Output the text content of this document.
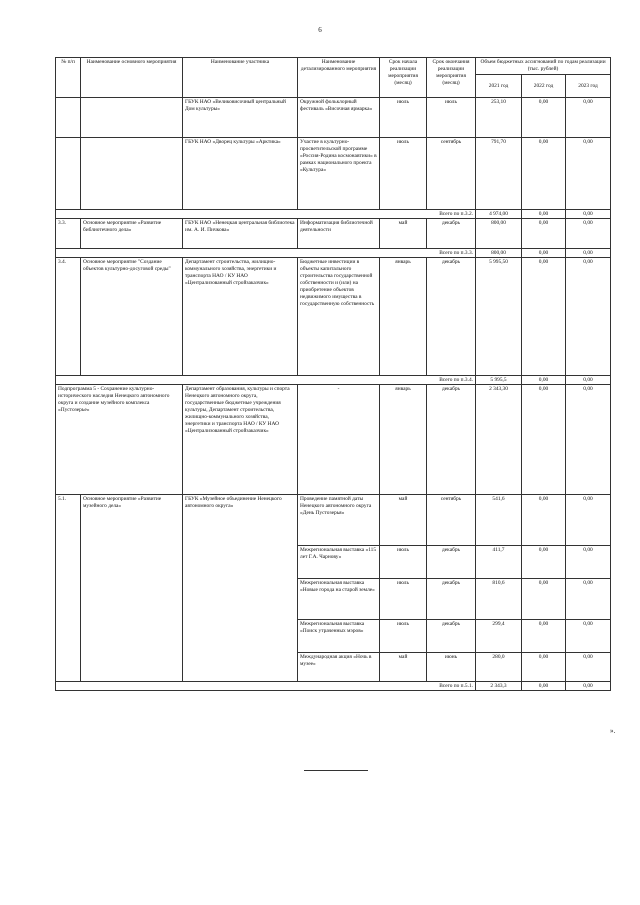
6
№ п/п	Наименование основного мероприятия	Наименование участника	Наименование детализированного мероприятия	Срок начала реализации мероприятия (месяц)	Срок окончания реализации мероприятия (месяц)	Объем бюджетных ассигнований по годам реализации (тыс. рублей)		
						2021 год	2022 год	2023 год
		ГБУК НАО «Великовисочный центральный Дом культуры»	Окружной фольклорный фестиваль «Височная ярмарка»	июль	июль	253,10	0,00	0,00
		ГБУК НАО «Дворец культуры «Арктика»	Участие в культурно-просветительской программе «Россия-Родина космонавтики» в рамках национального проекта «Культура»	июль	сентябрь	791,70	0,00	0,00
Всего по п.3.2.						4 974,00	0,00	0,00
3.3.	Основное мероприятие «Развитие библиотечного дела»	ГБУК НАО «Ненецкая центральная библиотека им. А. И. Пичкова»	Информатизация библиотечной деятельности	май	декабрь	800,00	0,00	0,00
Всего по п.3.3.						800,00	0,00	0,00
3.4.	Основное мероприятие "Создание объектов культурно-досуговой среды"	Департамент строительства, жилищно-коммунального хозяйства, энергетики и транспорта НАО / КУ НАО «Централизованный стройзаказчик»	Бюджетные инвестиции в объекты капитального строительства государственной собственности и (или) на приобретение объектов недвижимого имущества в государственную собственность	январь	декабрь	5 995,50	0,00	0,00
Всего по п.3.4.						5 995,5	0,00	0,00
Подпрограмма 5 - Сохранение культурно-исторического наследия Ненецкого автономного округа и создание музейного комплекса «Пустозерье»		Департамент образования, культуры и спорта Ненецкого автономного округа, государственные бюджетные учреждения культуры, Департамент строительства, жилищно-коммунального хозяйства, энергетики и транспорта НАО / КУ НАО «Централизованный стройзаказчик»	-	январь	декабрь	2 343,30	0,00	0,00
5.1.	Основное мероприятие «Развитие музейного дела»	ГБУК «Музейное объединение Ненецкого автономного округа»	Проведение памятной даты Ненецкого автономного округа «День Пустозерья»	май	сентябрь	541,6	0,00	0,00
			Межрегиональная выставка «115 лет Г.А. Чарнову»	июль	декабрь	411,7	0,00	0,00
			Межрегиональная выставка «Новые города на старой земле»	июль	декабрь	810,6	0,00	0,00
			Межрегиональная выставка «Поиск утраченных мэров»	июль	декабрь	299,4	0,00	0,00
			Международная акция «Ночь в музее»	май	июнь	280,0	0,00	0,00
Всего по п.5.1.						2 343,3	0,00	0,00
».
